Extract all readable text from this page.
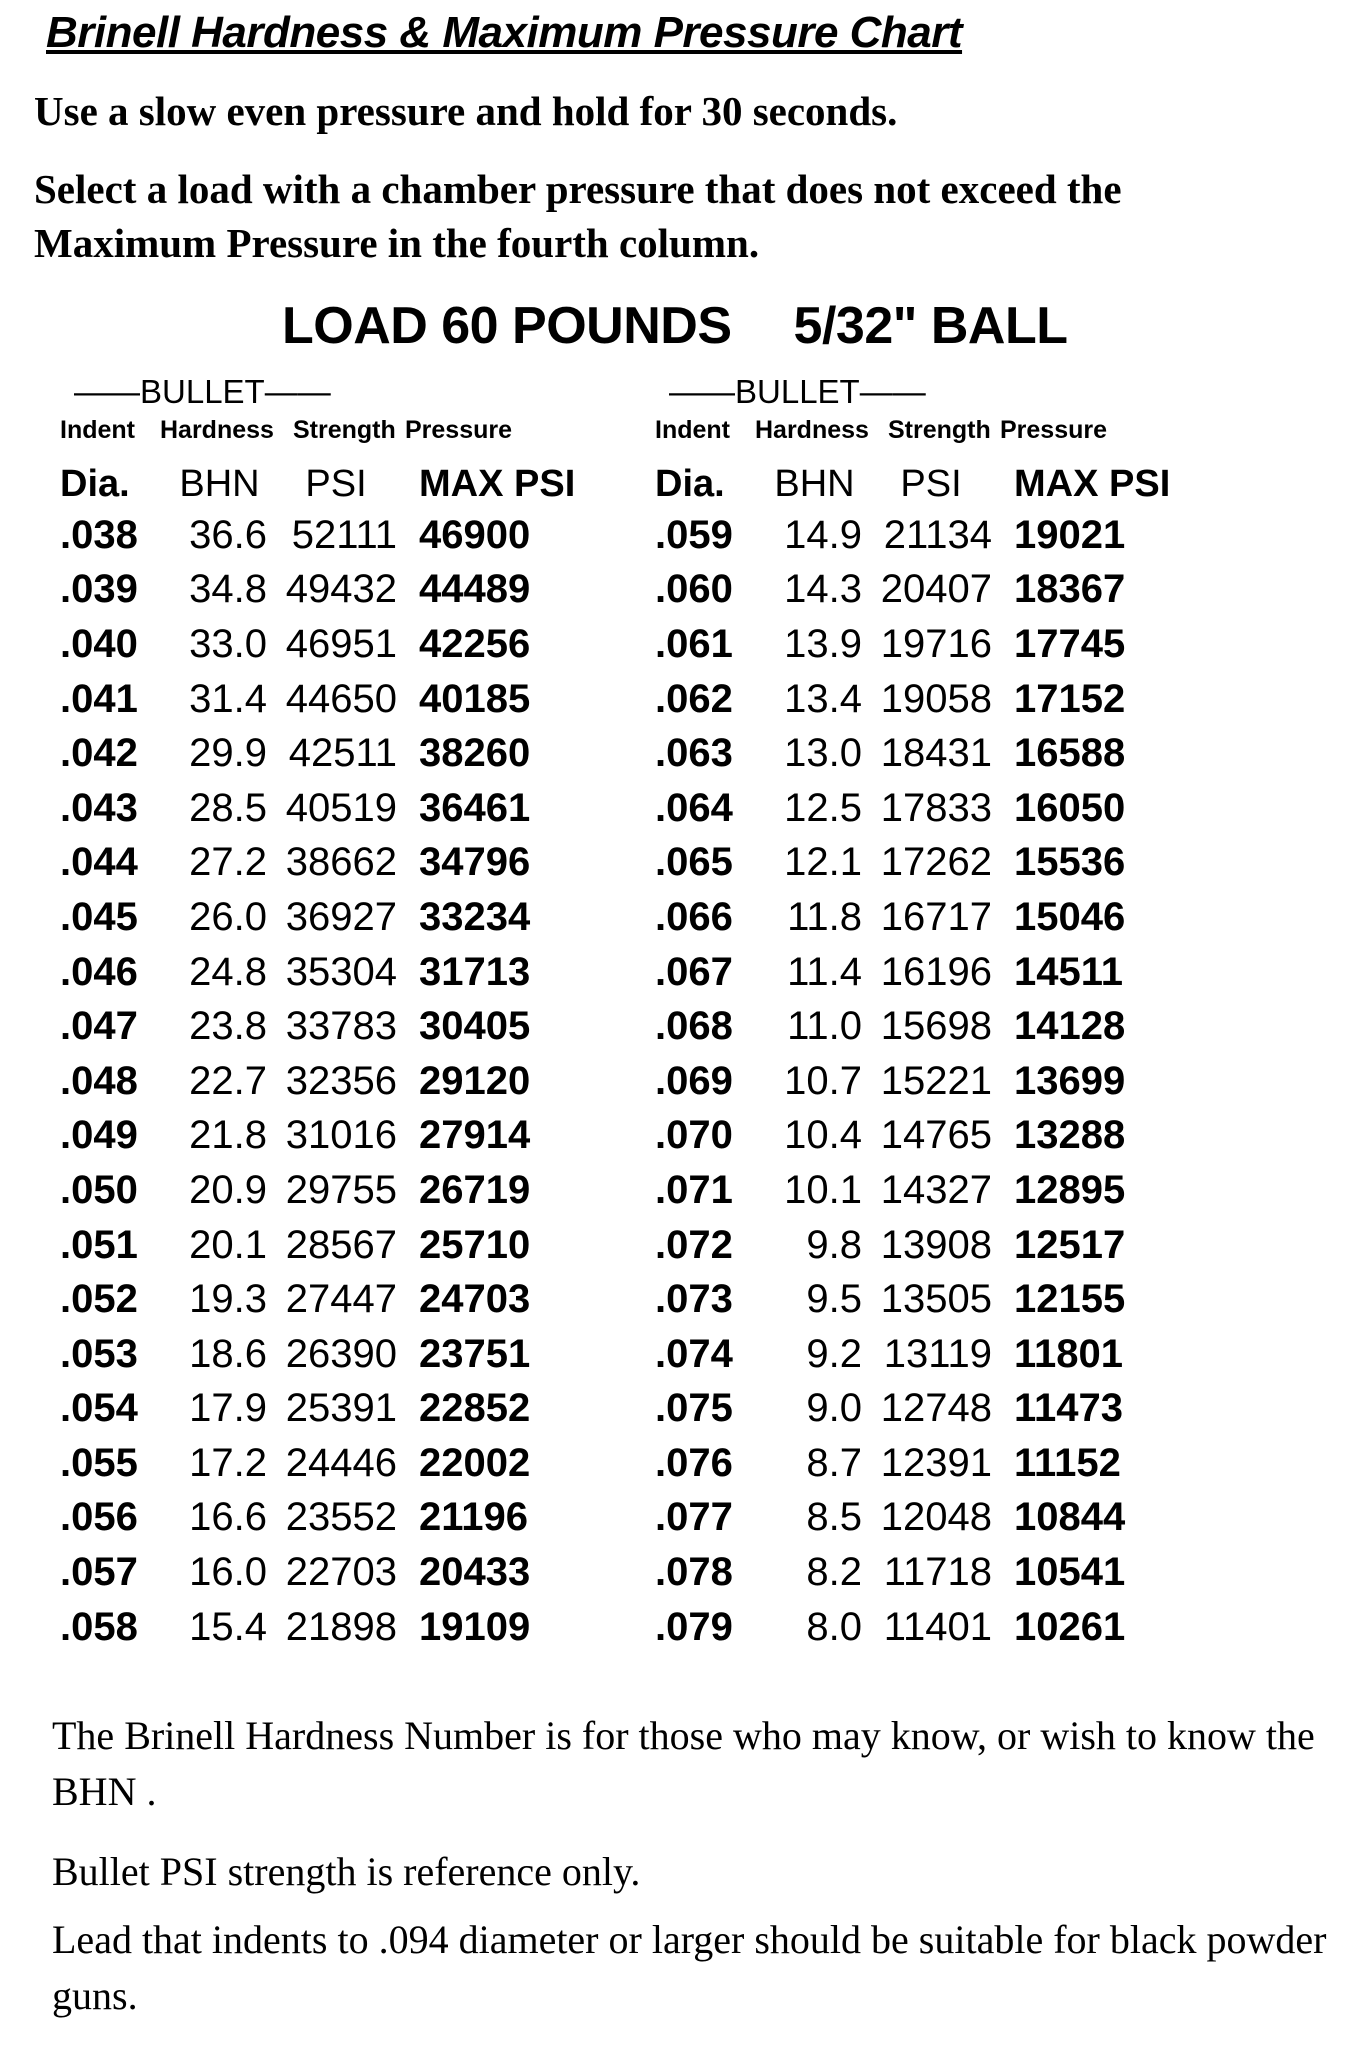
Brinell Hardness & Maximum Pressure Chart
Use a slow even pressure and hold for 30 seconds.
Select a load with a chamber pressure that does not exceed the Maximum Pressure in the fourth column.
LOAD 60 POUNDS 5/32" BALL
——BULLET——
Indent	Hardness Strength Pressure
Dia.	BHN	PSI	MAX PSI
.038	36.6 52111 46900
.039	34.8 49432 44489
.040	33.0 46951 42256
.041	31.4 44650 40185
.042	29.9 42511 38260
.043	28.5 40519 36461
.044	27.2 38662 34796
.045	26.0 36927 33234
.046	24.8 35304 31713
.047	23.8 33783 30405
.048	22.7 32356 29120
.049	21.8 31016 27914
.050	20.9 29755 26719
.051	20.1 28567 25710
.052	19.3 27447 24703
.053	18.6 26390 23751
.054	17.9 25391 22852
.055	17.2 24446 22002
.056	16.6 23552 21196
.057	16.0 22703 20433
.058	15.4 21898 19109
——BULLET——
Indent	Hardness Strength Pressure
Dia.	BHN	PSI	MAX PSI
.059	14.9 21134 19021
.060	14.3 20407 18367
.061	13.9 19716 17745
.062	13.4 19058 17152
.063	13.0 18431 16588
.064	12.5 17833 16050
.065	12.1 17262 15536
.066	11.8 16717 15046
.067	11.4 16196 14511
.068	11.0 15698 14128
.069	10.7 15221 13699
.070	10.4 14765 13288
.071	10.1 14327 12895
.072	9.8 13908 12517
.073	9.5 13505 12155
.074	9.2 13119 11801
.075	9.0 12748 11473
.076	8.7 12391 11152
.077	8.5 12048 10844
.078	8.2 11718 10541
.079	8.0 11401 10261
The Brinell Hardness Number is for those who may know, or wish to know the BHN .
Bullet PSI strength is reference only.
Lead that indents to .094 diameter or larger should be suitable for black powder guns.
